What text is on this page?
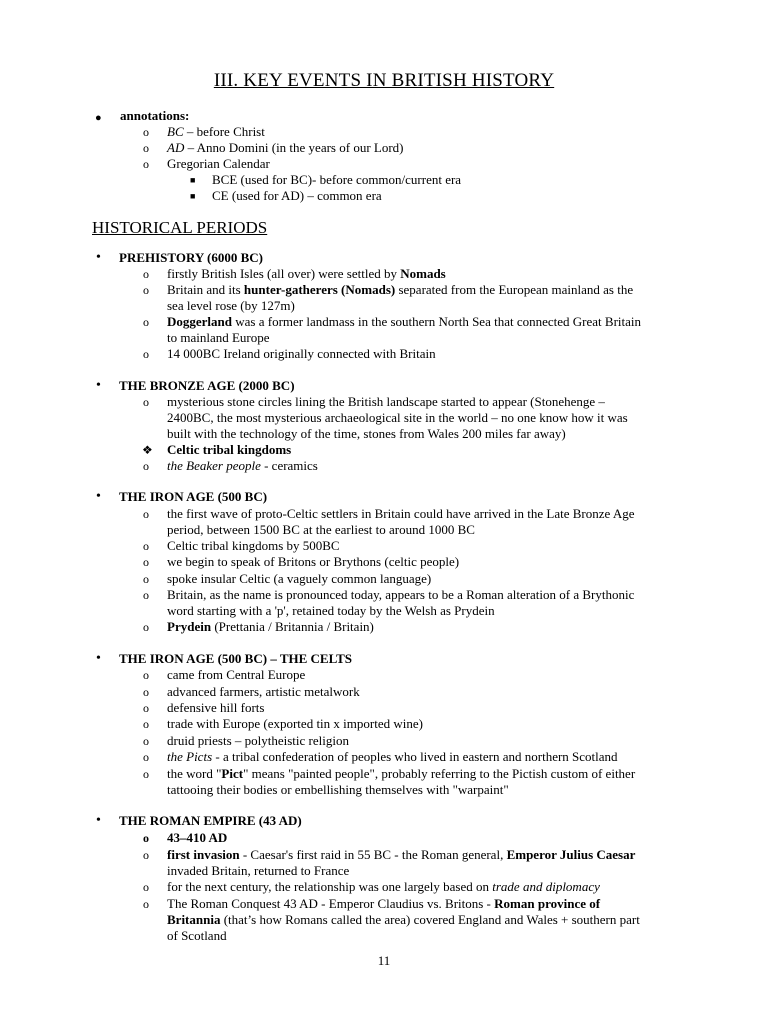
III. KEY EVENTS IN BRITISH HISTORY
● annotations:
o BC – before Christ
o AD – Anno Domini (in the years of our Lord)
o Gregorian Calendar
■ BCE (used for BC)- before common/current era
■ CE (used for AD) – common era
HISTORICAL PERIODS
• PREHISTORY (6000 BC)
o firstly British Isles (all over) were settled by Nomads
o Britain and its hunter-gatherers (Nomads) separated from the European mainland as the
sea level rose (by 127m)
o Doggerland was a former landmass in the southern North Sea that connected Great Britain
to mainland Europe
o 14 000BC Ireland originally connected with Britain
• THE BRONZE AGE (2000 BC)
o mysterious stone circles lining the British landscape started to appear (Stonehenge –
2400BC, the most mysterious archaeological site in the world – no one know how it was
built with the technology of the time, stones from Wales 200 miles far away)
❖ Celtic tribal kingdoms
o the Beaker people - ceramics
• THE IRON AGE (500 BC)
o the first wave of proto-Celtic settlers in Britain could have arrived in the Late Bronze Age
period, between 1500 BC at the earliest to around 1000 BC
o Celtic tribal kingdoms by 500BC
o we begin to speak of Britons or Brythons (celtic people)
o spoke insular Celtic (a vaguely common language)
o Britain, as the name is pronounced today, appears to be a Roman alteration of a Brythonic
word starting with a 'p', retained today by the Welsh as Prydein
o Prydein (Prettania / Britannia / Britain)
• THE IRON AGE (500 BC) – THE CELTS
o came from Central Europe
o advanced farmers, artistic metalwork
o defensive hill forts
o trade with Europe (exported tin x imported wine)
o druid priests – polytheistic religion
o the Picts - a tribal confederation of peoples who lived in eastern and northern Scotland
o the word "Pict" means "painted people", probably referring to the Pictish custom of either
tattooing their bodies or embellishing themselves with "warpaint"
• THE ROMAN EMPIRE (43 AD)
o 43–410 AD
o first invasion - Caesar's first raid in 55 BC - the Roman general, Emperor Julius Caesar
invaded Britain, returned to France
o for the next century, the relationship was one largely based on trade and diplomacy
o The Roman Conquest 43 AD - Emperor Claudius vs. Britons - Roman province of
Britannia (that’s how Romans called the area) covered England and Wales + southern part
of Scotland
11
